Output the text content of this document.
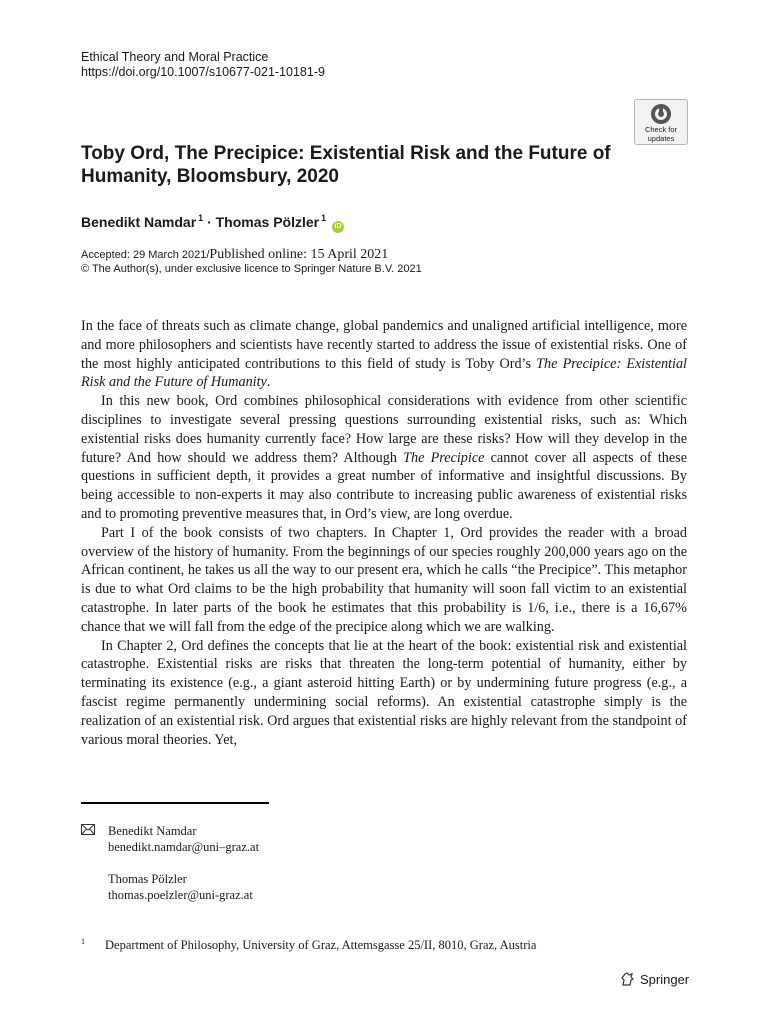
Ethical Theory and Moral Practice
https://doi.org/10.1007/s10677-021-10181-9
Check for
updates
Toby Ord, The Precipice: Existential Risk and the Future of Humanity, Bloomsbury, 2020
Benedikt Namdar $^1$ · Thomas Pölzler $^1$ iD
Accepted: 29 March 2021/Published online: 15 April 2021
© The Author(s), under exclusive licence to Springer Nature B.V. 2021

In the face of threats such as climate change, global pandemics and unaligned artificial intelligence, more and more philosophers and scientists have recently started to address the issue of existential risks. One of the most highly anticipated contributions to this field of study is Toby Ord’s The Precipice: Existential Risk and the Future of Humanity.

In this new book, Ord combines philosophical considerations with evidence from other scientific disciplines to investigate several pressing questions surrounding existential risks, such as: Which existential risks does humanity currently face? How large are these risks? How will they develop in the future? And how should we address them? Although The Precipice cannot cover all aspects of these questions in sufficient depth, it provides a great number of informative and insightful discussions. By being accessible to non-experts it may also contribute to increasing public awareness of existential risks and to promoting preventive measures that, in Ord’s view, are long overdue.

Part I of the book consists of two chapters. In Chapter 1, Ord provides the reader with a broad overview of the history of humanity. From the beginnings of our species roughly 200,000 years ago on the African continent, he takes us all the way to our present era, which he calls “the Precipice”. This metaphor is due to what Ord claims to be the high probability that humanity will soon fall victim to an existential catastrophe. In later parts of the book he estimates that this probability is 1/6, i.e., there is a 16,67% chance that we will fall from the edge of the precipice along which we are walking.

In Chapter 2, Ord defines the concepts that lie at the heart of the book: existential risk and existential catastrophe. Existential risks are risks that threaten the long-term potential of humanity, either by terminating its existence (e.g., a giant asteroid hitting Earth) or by undermining future progress (e.g., a fascist regime permanently undermining social reforms). An existential catastrophe simply is the realization of an existential risk. Ord argues that existential risks are highly relevant from the standpoint of various moral theories. Yet,

Benedikt Namdar
benedikt.namdar@uni–graz.at
Thomas Pölzler
thomas.poelzler@uni-graz.at
1 Department of Philosophy, University of Graz, Attemsgasse 25/II, 8010, Graz, Austria
Springer
